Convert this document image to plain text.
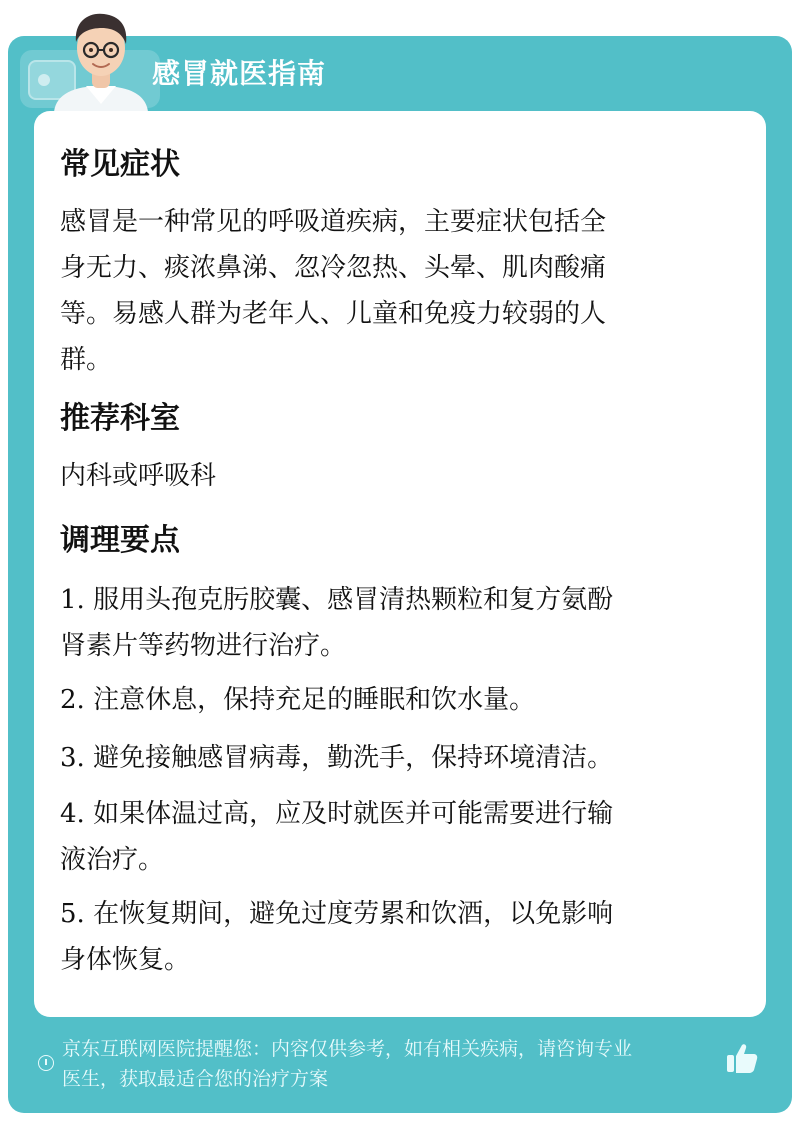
感冒就医指南
常见症状

感冒是一种常见的呼吸道疾病，主要症状包括全
身无力、痰浓鼻涕、忽冷忽热、头晕、肌肉酸痛
等。易感人群为老年人、儿童和免疫力较弱的人
群。

推荐科室

内科或呼吸科

调理要点

1. 服用头孢克肟胶囊、感冒清热颗粒和复方氨酚
肾素片等药物进行治疗。

2. 注意休息，保持充足的睡眠和饮水量。

3. 避免接触感冒病毒，勤洗手，保持环境清洁。

4. 如果体温过高，应及时就医并可能需要进行输
液治疗。

5. 在恢复期间，避免过度劳累和饮酒，以免影响
身体恢复。

京东互联网医院提醒您：内容仅供参考，如有相关疾病，请咨询专业
医生，获取最适合您的治疗方案
